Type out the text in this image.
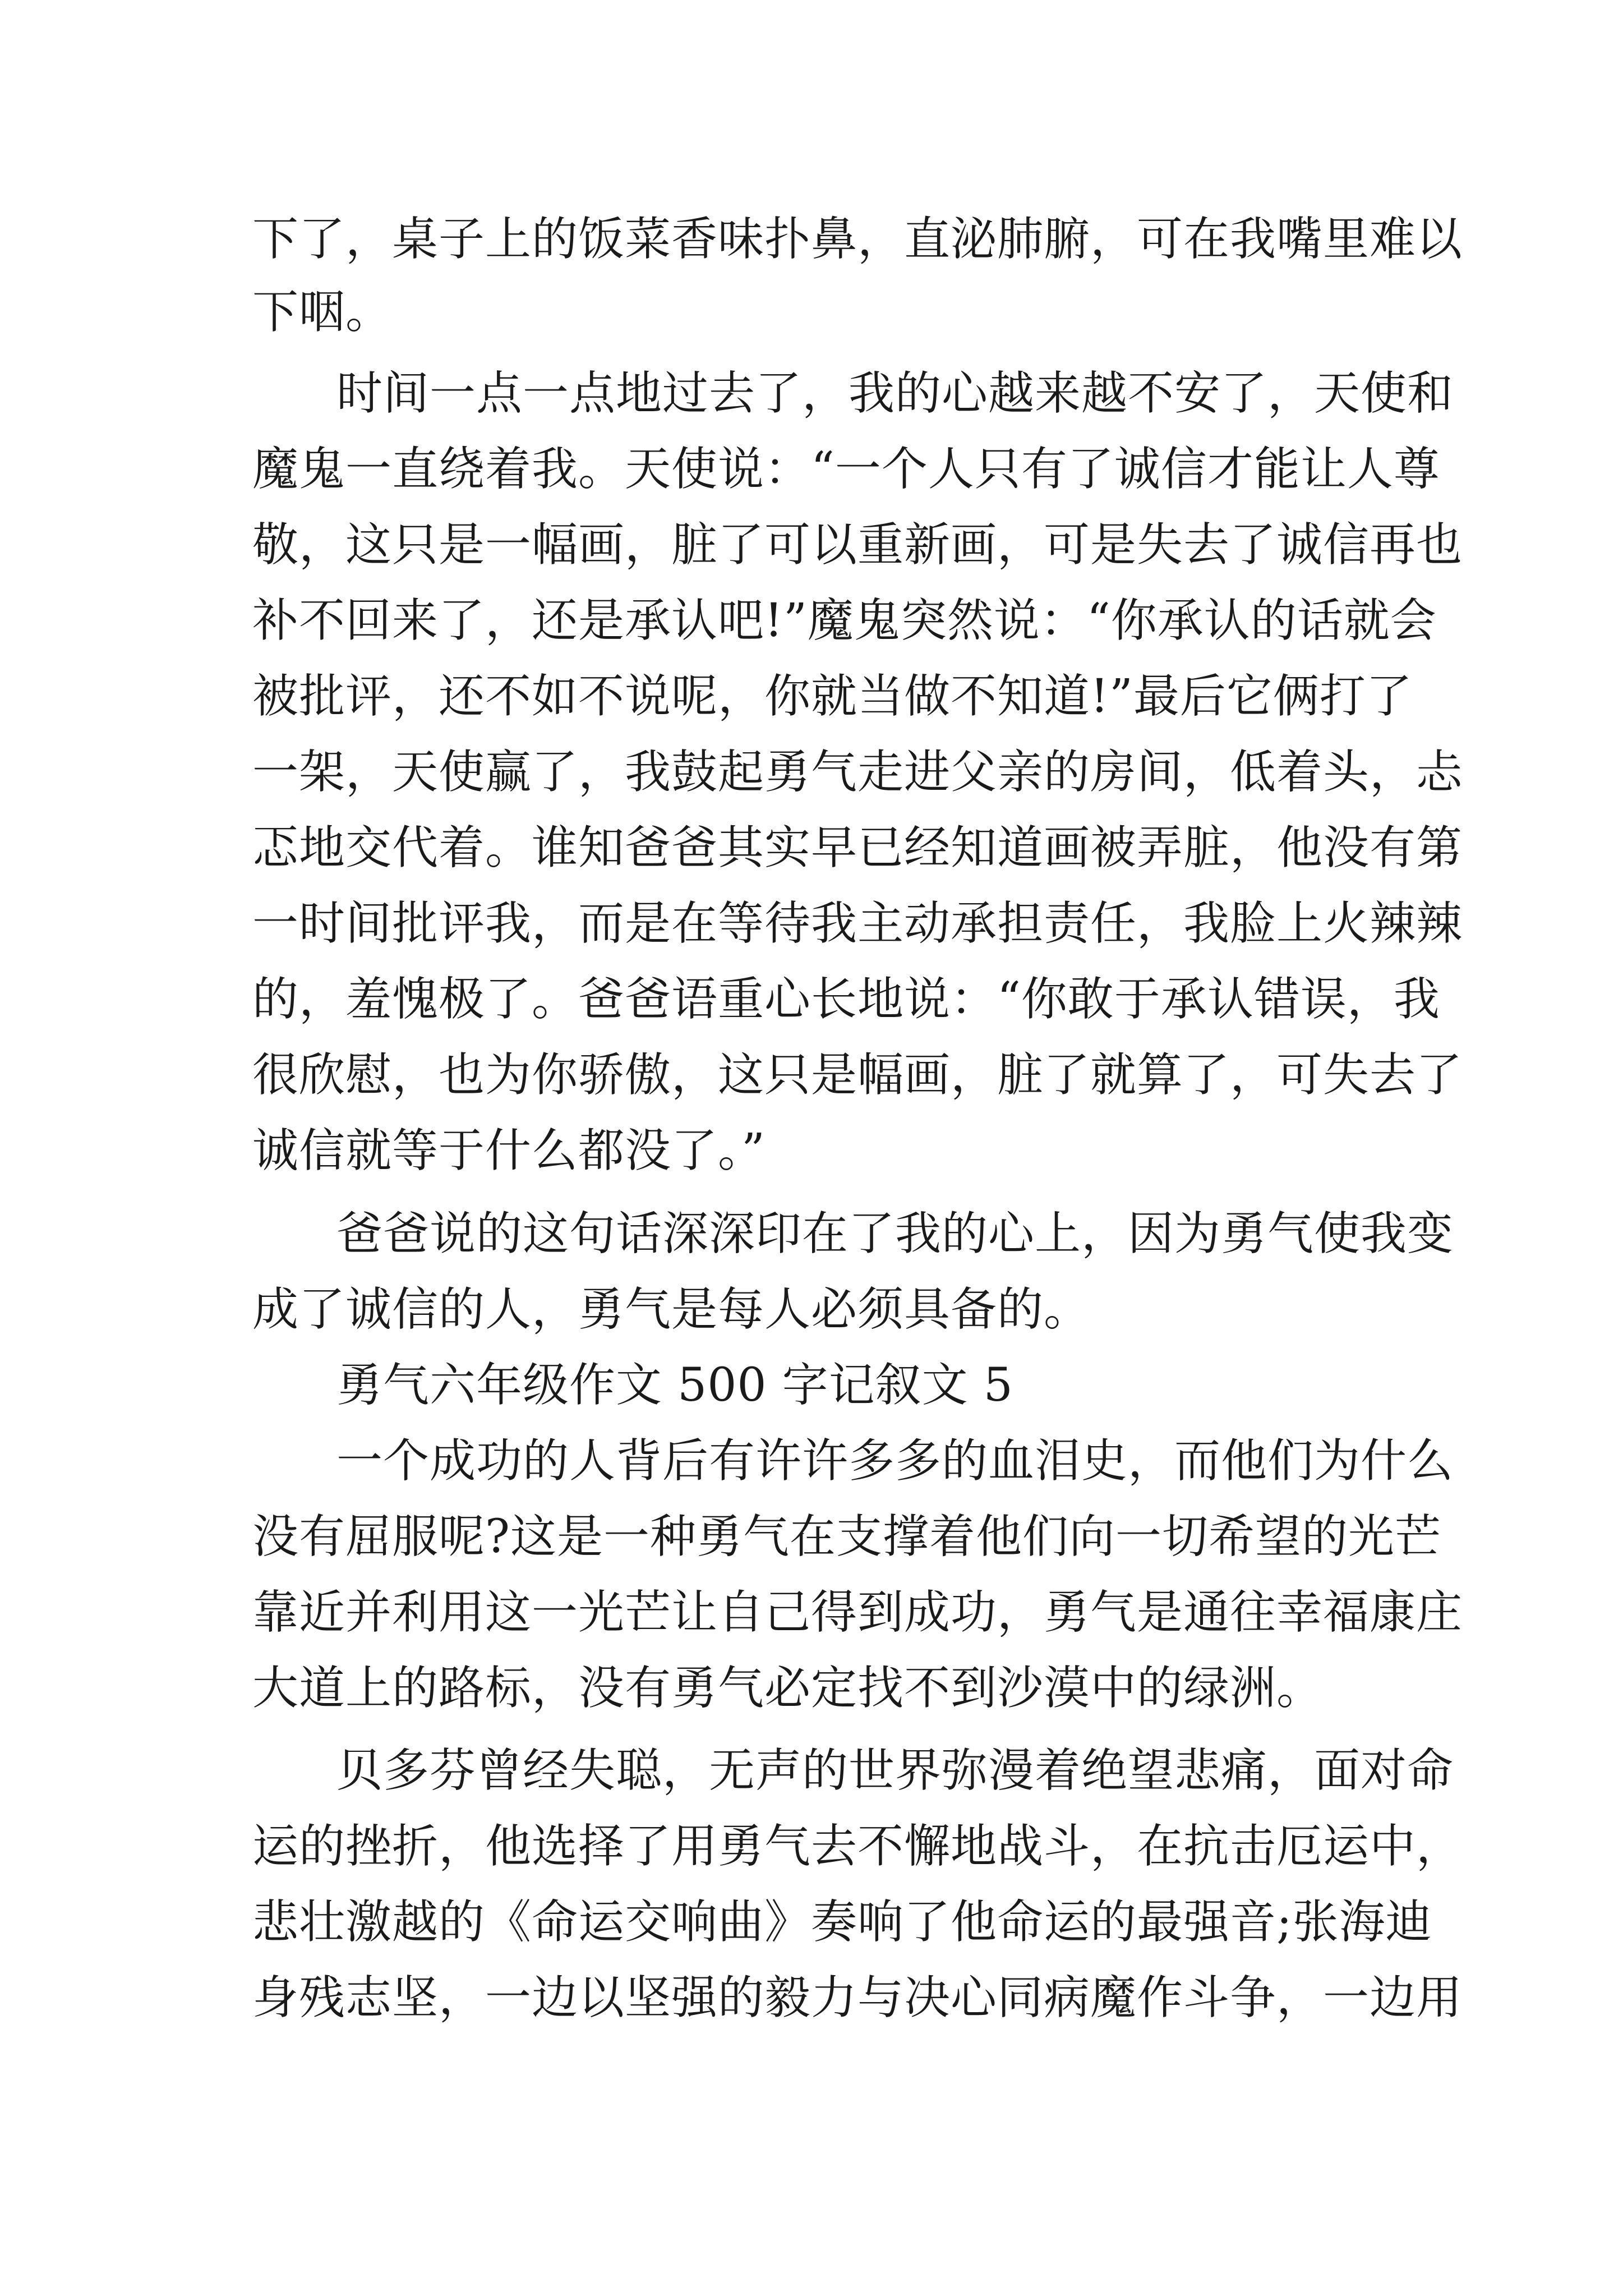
下了，桌子上的饭菜香味扑鼻，直泌肺腑，可在我嘴里难以
下咽。
时间一点一点地过去了，我的心越来越不安了，天使和
魔鬼一直绕着我。天使说：“一个人只有了诚信才能让人尊
敬，这只是一幅画，脏了可以重新画，可是失去了诚信再也
补不回来了，还是承认吧!”魔鬼突然说：“你承认的话就会
被批评，还不如不说呢，你就当做不知道!”最后它俩打了
一架，天使赢了，我鼓起勇气走进父亲的房间，低着头，忐
忑地交代着。谁知爸爸其实早已经知道画被弄脏，他没有第
一时间批评我，而是在等待我主动承担责任，我脸上火辣辣
的，羞愧极了。爸爸语重心长地说：“你敢于承认错误，我
很欣慰，也为你骄傲，这只是幅画，脏了就算了，可失去了
诚信就等于什么都没了。”
爸爸说的这句话深深印在了我的心上，因为勇气使我变
成了诚信的人，勇气是每人必须具备的。
勇气六年级作文 500 字记叙文 5
一个成功的人背后有许许多多的血泪史，而他们为什么
没有屈服呢?这是一种勇气在支撑着他们向一切希望的光芒
靠近并利用这一光芒让自己得到成功，勇气是通往幸福康庄
大道上的路标，没有勇气必定找不到沙漠中的绿洲。
贝多芬曾经失聪，无声的世界弥漫着绝望悲痛，面对命
运的挫折，他选择了用勇气去不懈地战斗，在抗击厄运中，
悲壮激越的《命运交响曲》奏响了他命运的最强音;张海迪
身残志坚，一边以坚强的毅力与决心同病魔作斗争，一边用
